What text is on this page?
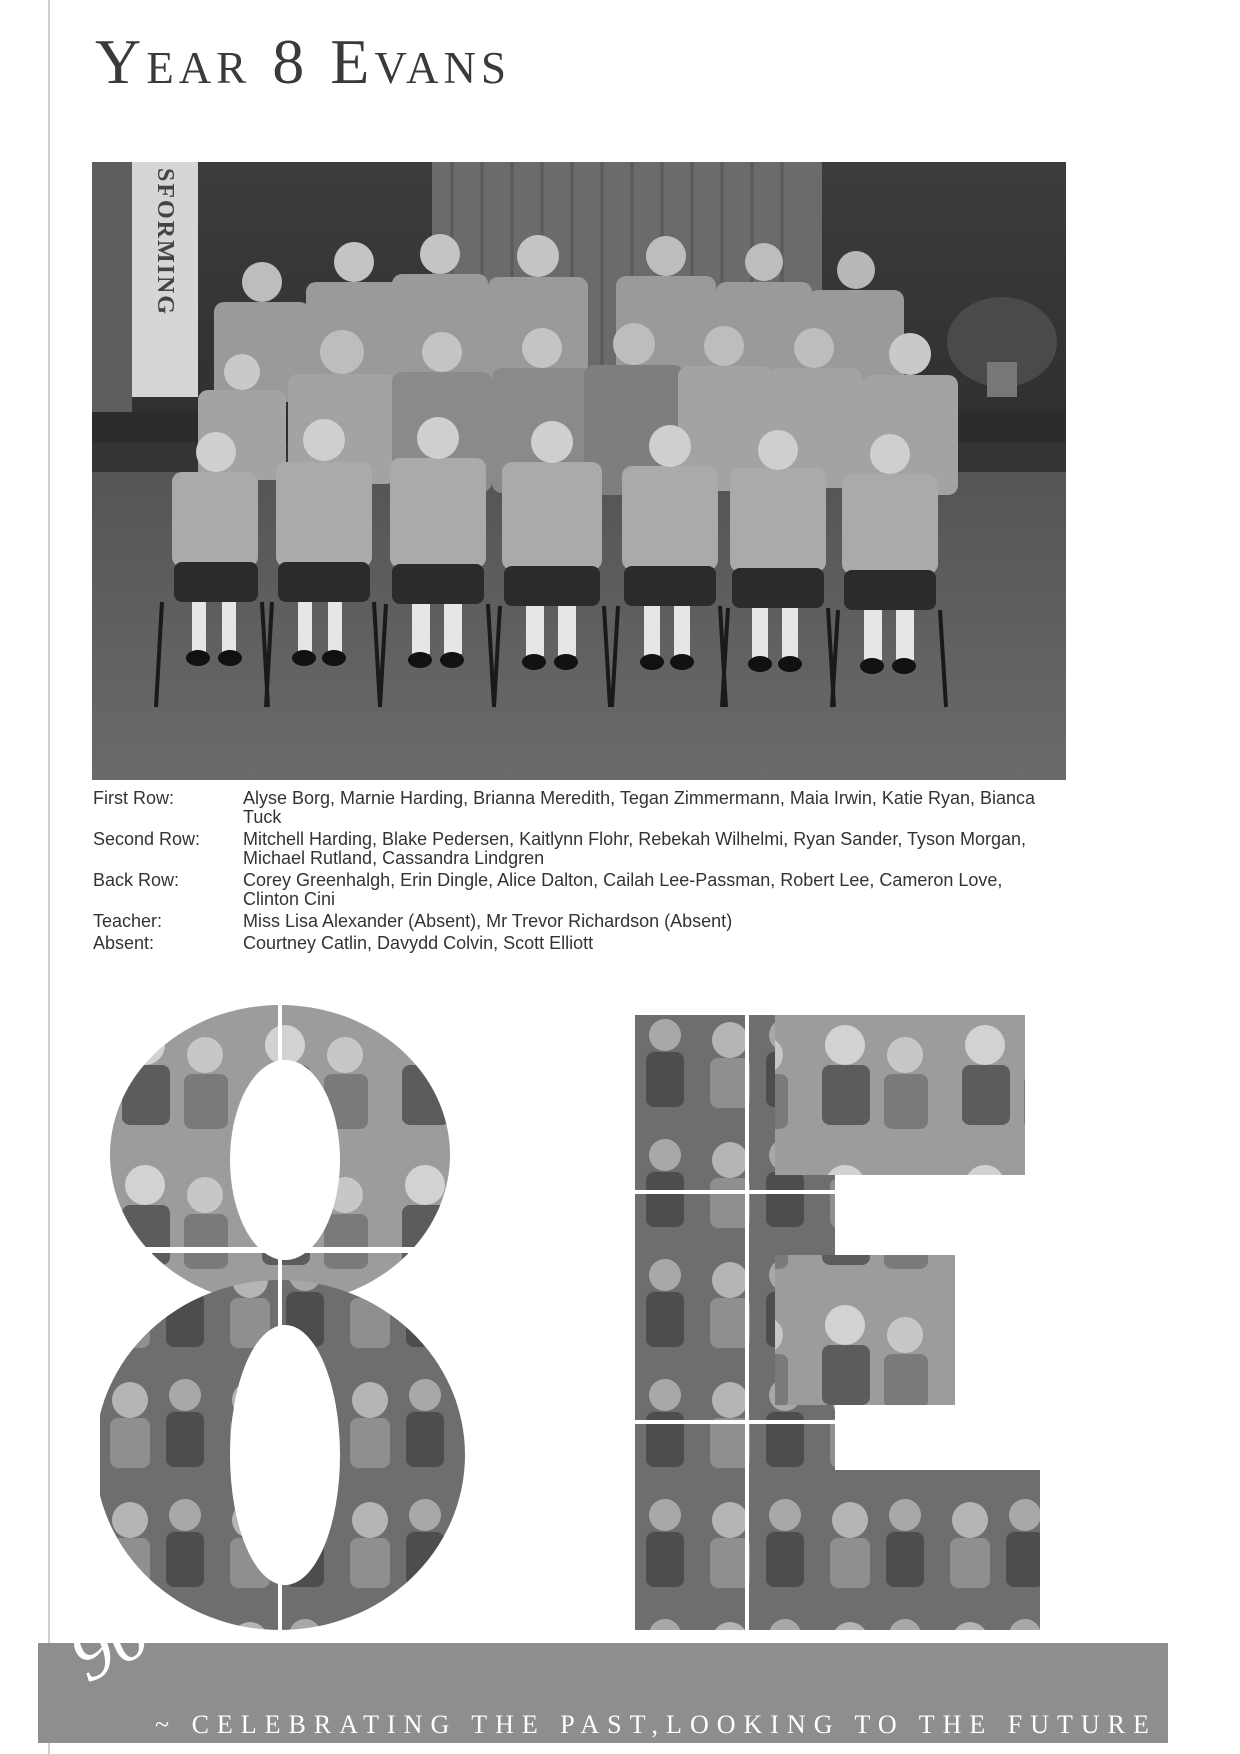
Year 8 Evans
SFORMING
First Row:	Alyse Borg, Marnie Harding, Brianna Meredith, Tegan Zimmermann, Maia Irwin, Katie Ryan, Bianca Tuck
Second Row:	Mitchell Harding, Blake Pedersen, Kaitlynn Flohr, Rebekah Wilhelmi, Ryan Sander, Tyson Morgan, Michael Rutland, Cassandra Lindgren
Back Row:	Corey Greenhalgh, Erin Dingle, Alice Dalton, Cailah Lee-Passman, Robert Lee, Cameron Love, Clinton Cini
Teacher:	Miss Lisa Alexander (Absent), Mr Trevor Richardson (Absent)
Absent:	Courtney Catlin, Davydd Colvin, Scott Elliott
90
~ CELEBRATING THE PAST,LOOKING TO THE FUTURE ~
